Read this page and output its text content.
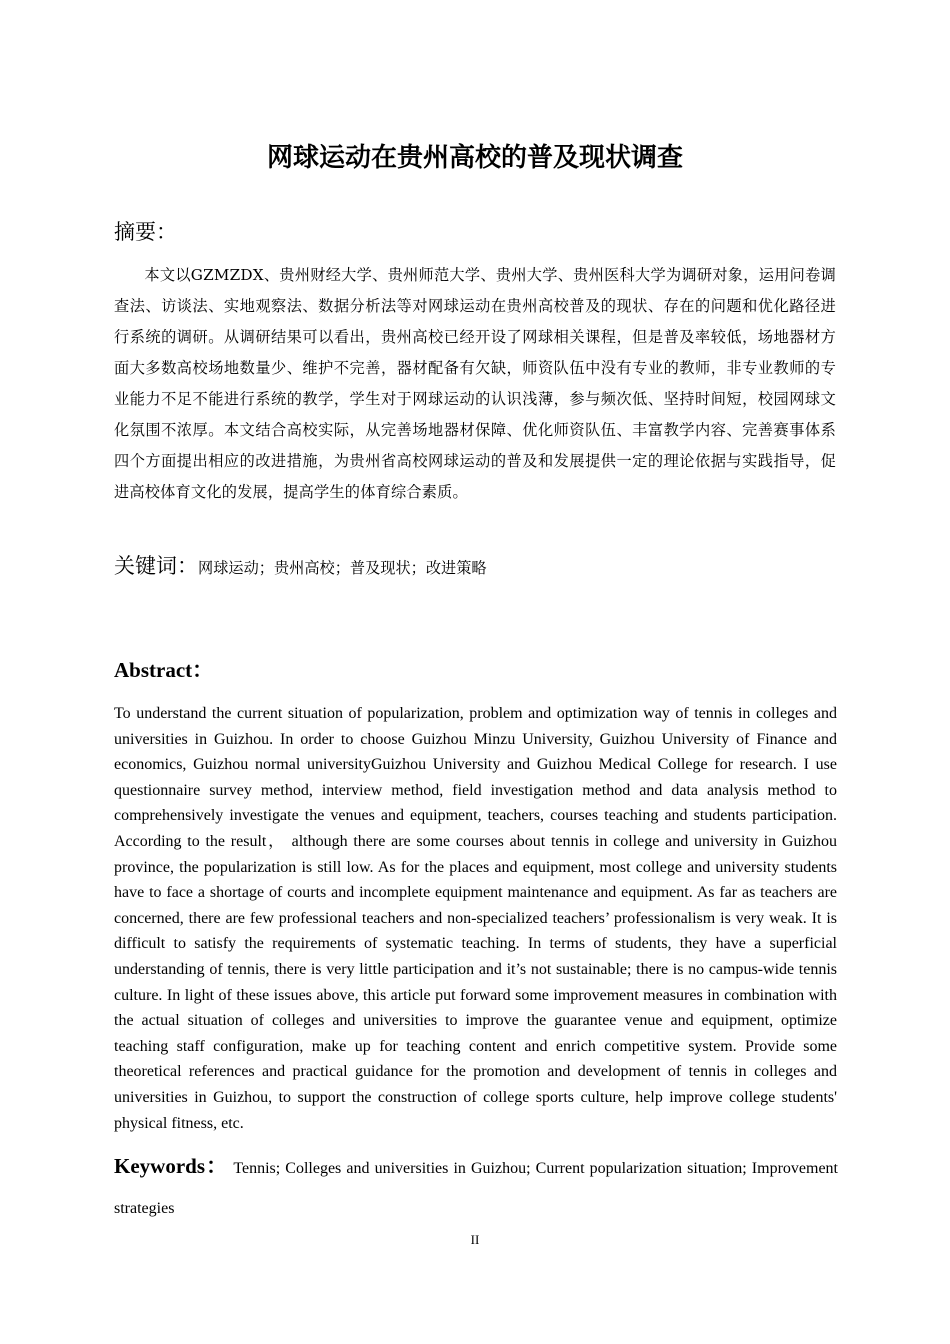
网球运动在贵州高校的普及现状调查
摘要：
本文以GZMZDX、贵州财经大学、贵州师范大学、贵州大学、贵州医科大学为调研对象，运用问卷调查法、访谈法、实地观察法、数据分析法等对网球运动在贵州高校普及的现状、存在的问题和优化路径进行系统的调研。从调研结果可以看出，贵州高校已经开设了网球相关课程，但是普及率较低，场地器材方面大多数高校场地数量少、维护不完善，器材配备有欠缺，师资队伍中没有专业的教师，非专业教师的专业能力不足不能进行系统的教学，学生对于网球运动的认识浅薄，参与频次低、坚持时间短，校园网球文化氛围不浓厚。本文结合高校实际，从完善场地器材保障、优化师资队伍、丰富教学内容、完善赛事体系四个方面提出相应的改进措施，为贵州省高校网球运动的普及和发展提供一定的理论依据与实践指导，促进高校体育文化的发展，提高学生的体育综合素质。
关键词：网球运动；贵州高校；普及现状；改进策略
Abstract：
To understand the current situation of popularization, problem and optimization way of tennis in colleges and universities in Guizhou. In order to choose Guizhou Minzu University, Guizhou University of Finance and economics, Guizhou normal universityGuizhou University and Guizhou Medical College for research. I use questionnaire survey method, interview method, field investigation method and data analysis method to comprehensively investigate the venues and equipment, teachers, courses teaching and students participation. According to the result， although there are some courses about tennis in college and university in Guizhou province, the popularization is still low. As for the places and equipment, most college and university students have to face a shortage of courts and incomplete equipment maintenance and equipment. As far as teachers are concerned, there are few professional teachers and non-specialized teachers’ professionalism is very weak. It is difficult to satisfy the requirements of systematic teaching. In terms of students, they have a superficial understanding of tennis, there is very little participation and it’s not sustainable; there is no campus-wide tennis culture. In light of these issues above, this article put forward some improvement measures in combination with the actual situation of colleges and universities to improve the guarantee venue and equipment, optimize teaching staff configuration, make up for teaching content and enrich competitive system. Provide some theoretical references and practical guidance for the promotion and development of tennis in colleges and universities in Guizhou, to support the construction of college sports culture, help improve college students' physical fitness, etc.
Keywords： Tennis; Colleges and universities in Guizhou; Current popularization situation; Improvement strategies
II
